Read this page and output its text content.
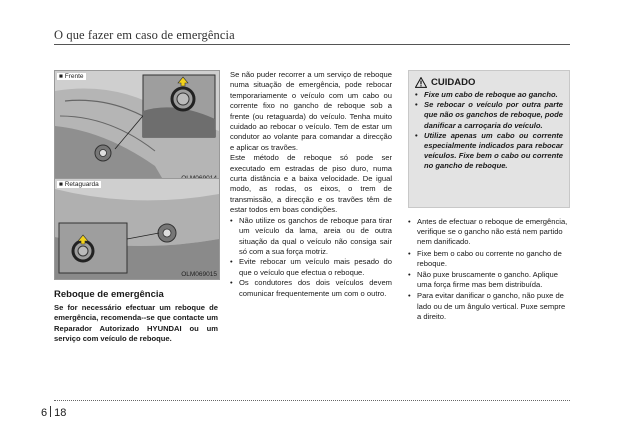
O que fazer em caso de emergência
■ Frente
■ Retaguarda
OLM069015
Reboque de emergência
Se for necessário efectuar um reboque de emergência, recomenda--se que contacte um Reparador Autorizado HYUNDAI ou um serviço com veículo de reboque.

Se não puder recorrer a um serviço de reboque numa situação de emergência, pode rebocar temporariamente o veículo com um cabo ou corrente fixo no gancho de reboque sob a frente (ou retaguarda) do veículo. Tenha muito cuidado ao rebocar o veículo. Tem de estar um condutor ao volante para comandar a direcção e aplicar os travões.

Este método de reboque só pode ser executado em estradas de piso duro, numa curta distância e a baixa velocidade. De igual modo, as rodas, os eixos, o trem de transmissão, a direcção e os travões têm de estar todos em boas condições.

• Não utilize os ganchos de reboque para tirar um veículo da lama, areia ou de outra situação da qual o veículo não consiga sair só com a sua força motriz.
• Evite rebocar um veículo mais pesado do que o veículo que efectua o reboque.
• Os condutores dos dois veículos devem comunicar frequentemente um com o outro.
CUIDADO
• Fixe um cabo de reboque ao gancho.
• Se rebocar o veículo por outra parte que não os ganchos de reboque, pode danificar a carroçaria do veículo.
• Utilize apenas um cabo ou corrente especialmente indicados para rebocar veículos. Fixe bem o cabo ou corrente no gancho de reboque.
• Antes de efectuar o reboque de emergência, verifique se o gancho não está nem partido nem danificado.
• Fixe bem o cabo ou corrente no gancho de reboque.
• Não puxe bruscamente o gancho. Aplique uma força firme mas bem distribuída.
• Para evitar danificar o gancho, não puxe de lado ou de um ângulo vertical. Puxe sempre a direito.
6 18
